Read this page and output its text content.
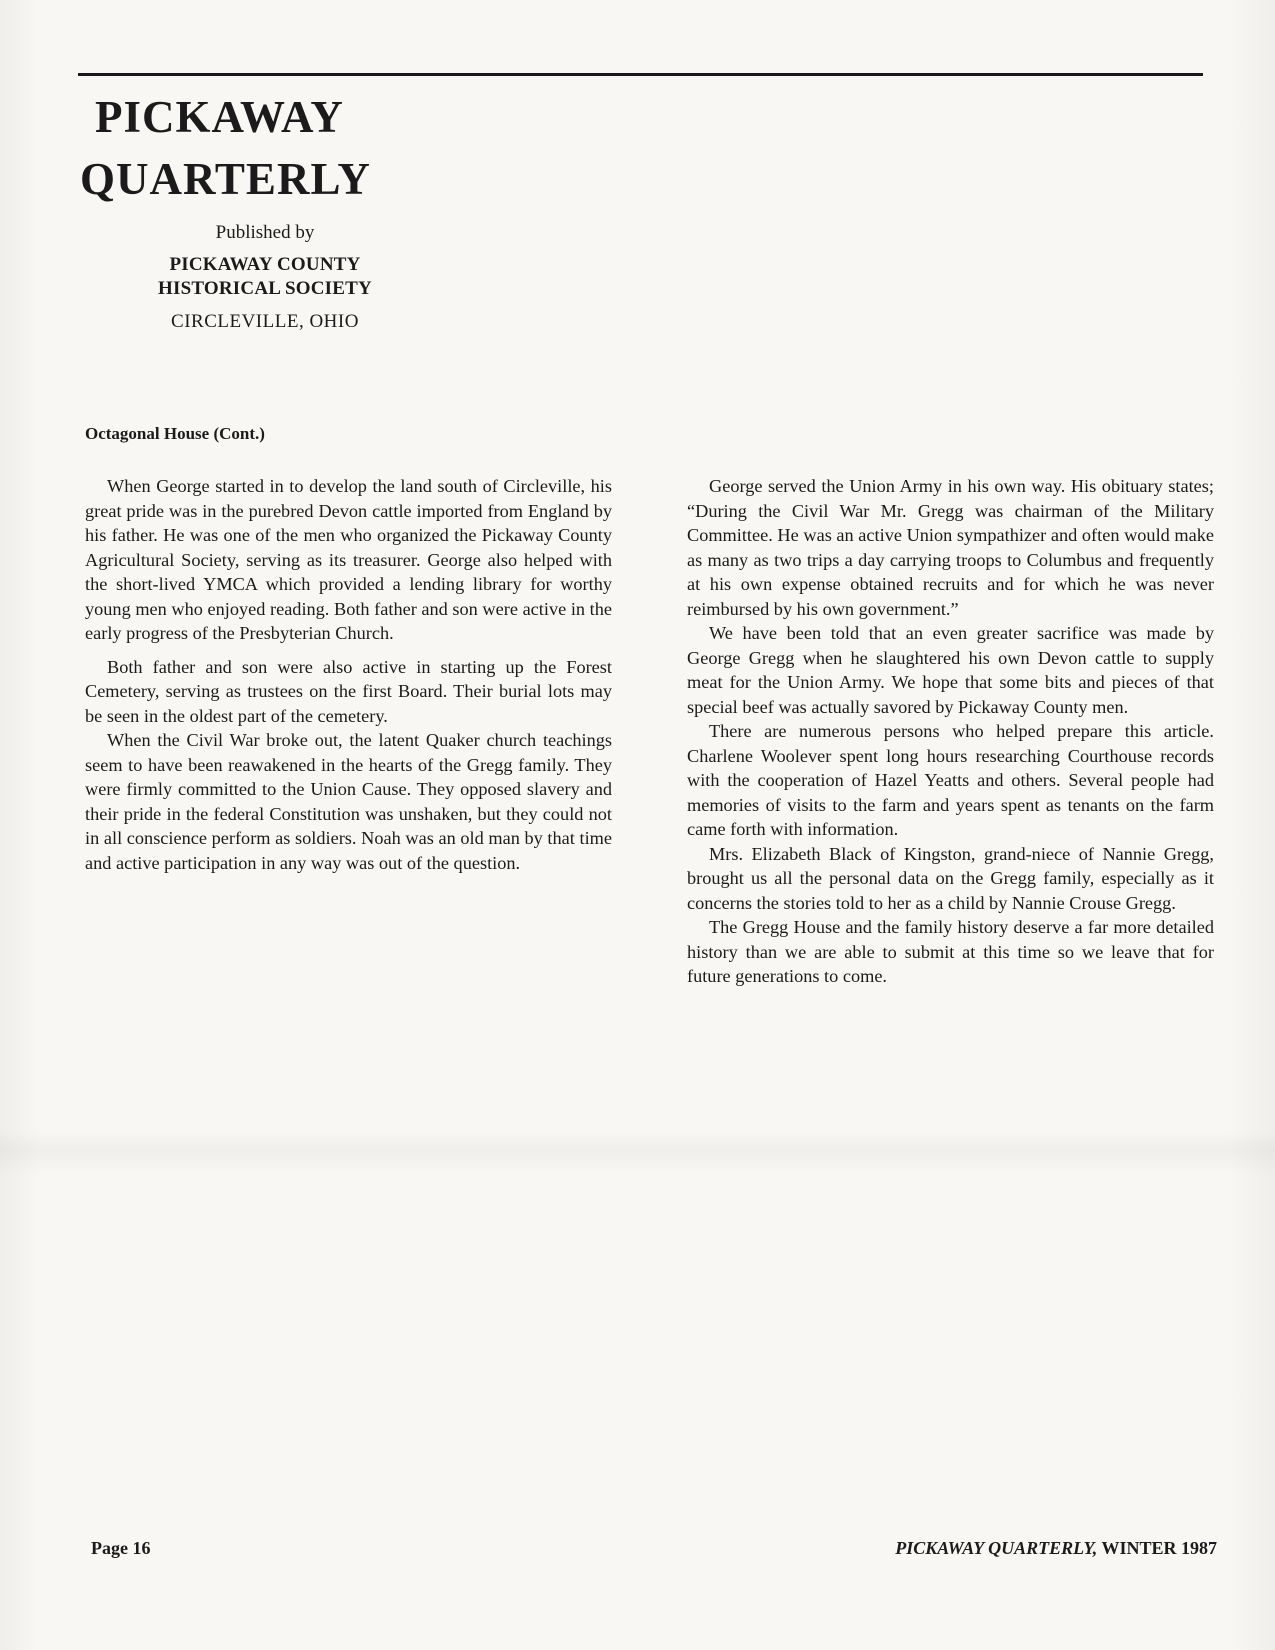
PICKAWAY
QUARTERLY
Published by
PICKAWAY COUNTY
HISTORICAL SOCIETY
CIRCLEVILLE, OHIO
Octagonal House (Cont.)

When George started in to develop the land south of Circleville, his great pride was in the purebred Devon cattle imported from England by his father. He was one of the men who organized the Pickaway County Agricultural Society, serving as its treasurer. George also helped with the short-lived YMCA which provided a lending library for worthy young men who enjoyed reading. Both father and son were active in the early progress of the Presbyterian Church.

Both father and son were also active in starting up the Forest Cemetery, serving as trustees on the first Board. Their burial lots may be seen in the oldest part of the cemetery.

When the Civil War broke out, the latent Quaker church teachings seem to have been reawakened in the hearts of the Gregg family. They were firmly committed to the Union Cause. They opposed slavery and their pride in the federal Constitution was unshaken, but they could not in all conscience perform as soldiers. Noah was an old man by that time and active participation in any way was out of the question.

George served the Union Army in his own way. His obituary states; “During the Civil War Mr. Gregg was chairman of the Military Committee. He was an active Union sympathizer and often would make as many as two trips a day carrying troops to Columbus and frequently at his own expense obtained recruits and for which he was never reimbursed by his own government.”

We have been told that an even greater sacrifice was made by George Gregg when he slaughtered his own Devon cattle to supply meat for the Union Army. We hope that some bits and pieces of that special beef was actually savored by Pickaway County men.

There are numerous persons who helped prepare this article. Charlene Woolever spent long hours researching Courthouse records with the cooperation of Hazel Yeatts and others. Several people had memories of visits to the farm and years spent as tenants on the farm came forth with information.

Mrs. Elizabeth Black of Kingston, grand-niece of Nannie Gregg, brought us all the personal data on the Gregg family, especially as it concerns the stories told to her as a child by Nannie Crouse Gregg.

The Gregg House and the family history deserve a far more detailed history than we are able to submit at this time so we leave that for future generations to come.

Page 16	PICKAWAY QUARTERLY, WINTER 1987
